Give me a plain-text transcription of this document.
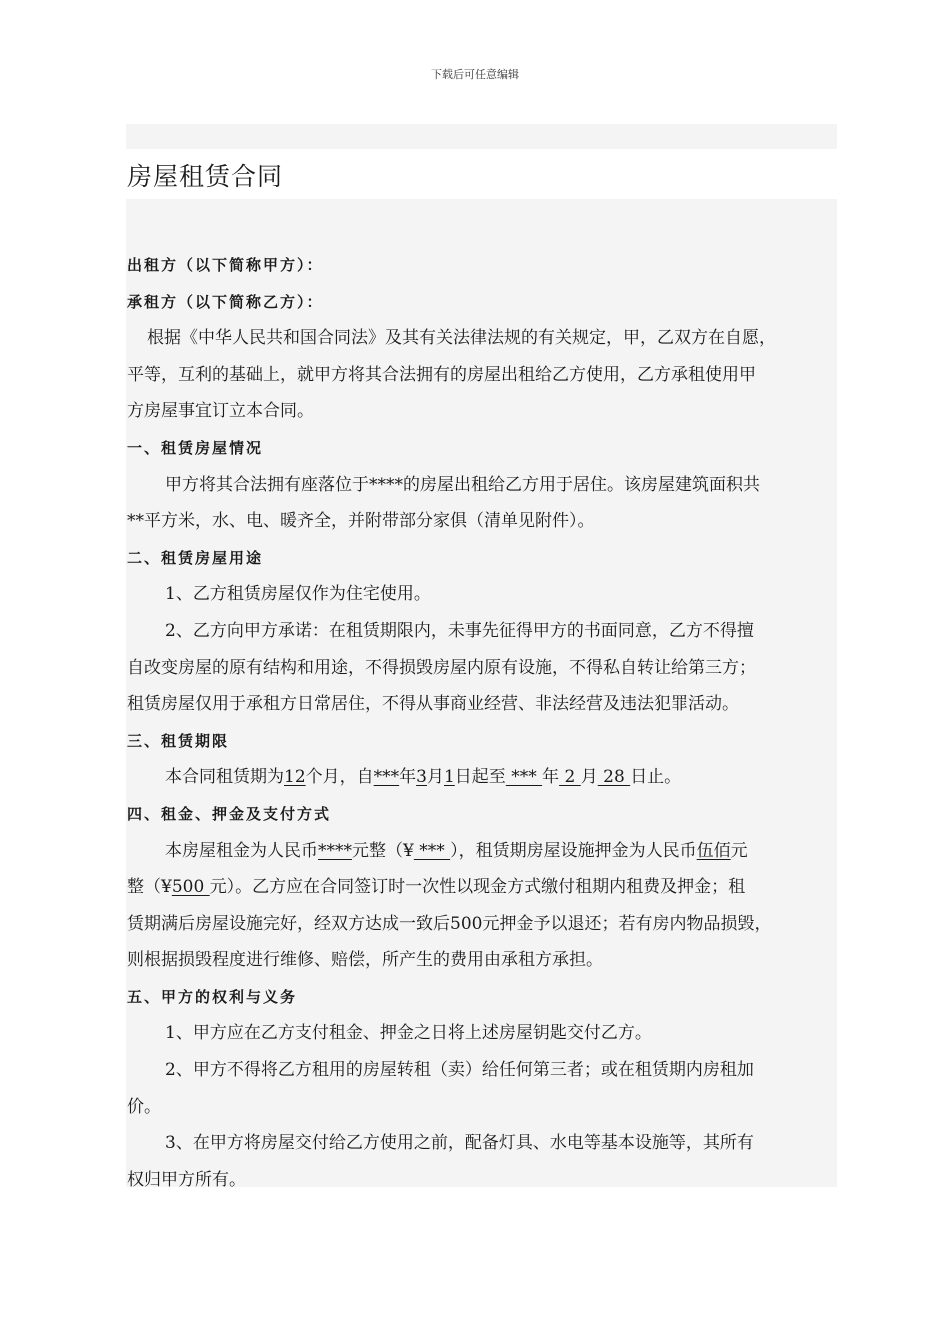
下载后可任意编辑
房屋租赁合同
出租方（以下简称甲方）：
承租方（以下简称乙方）：
根据《中华人民共和国合同法》及其有关法律法规的有关规定，甲，乙双方在自愿，
平等，互利的基础上，就甲方将其合法拥有的房屋出租给乙方使用，乙方承租使用甲
方房屋事宜订立本合同。
一、租赁房屋情况
甲方将其合法拥有座落位于****的房屋出租给乙方用于居住。该房屋建筑面积共
**平方米，水、电、暖齐全，并附带部分家俱（清单见附件）。
二、租赁房屋用途
1、乙方租赁房屋仅作为住宅使用。
2、乙方向甲方承诺：在租赁期限内，未事先征得甲方的书面同意，乙方不得擅
自改变房屋的原有结构和用途，不得损毁房屋内原有设施，不得私自转让给第三方；
租赁房屋仅用于承租方日常居住，不得从事商业经营、非法经营及违法犯罪活动。
三、租赁期限
本合同租赁期为12个月，自***年3月1日起至 *** 年 2 月 28 日止。
四、租金、押金及支付方式
本房屋租金为人民币****元整（¥ *** ），租赁期房屋设施押金为人民币伍佰元
整（¥500 元）。乙方应在合同签订时一次性以现金方式缴付租期内租费及押金；租
赁期满后房屋设施完好，经双方达成一致后500元押金予以退还；若有房内物品损毁，
则根据损毁程度进行维修、赔偿，所产生的费用由承租方承担。
五、甲方的权利与义务
1、甲方应在乙方支付租金、押金之日将上述房屋钥匙交付乙方。
2、甲方不得将乙方租用的房屋转租（卖）给任何第三者；或在租赁期内房租加
价。
3、在甲方将房屋交付给乙方使用之前，配备灯具、水电等基本设施等，其所有
权归甲方所有。
